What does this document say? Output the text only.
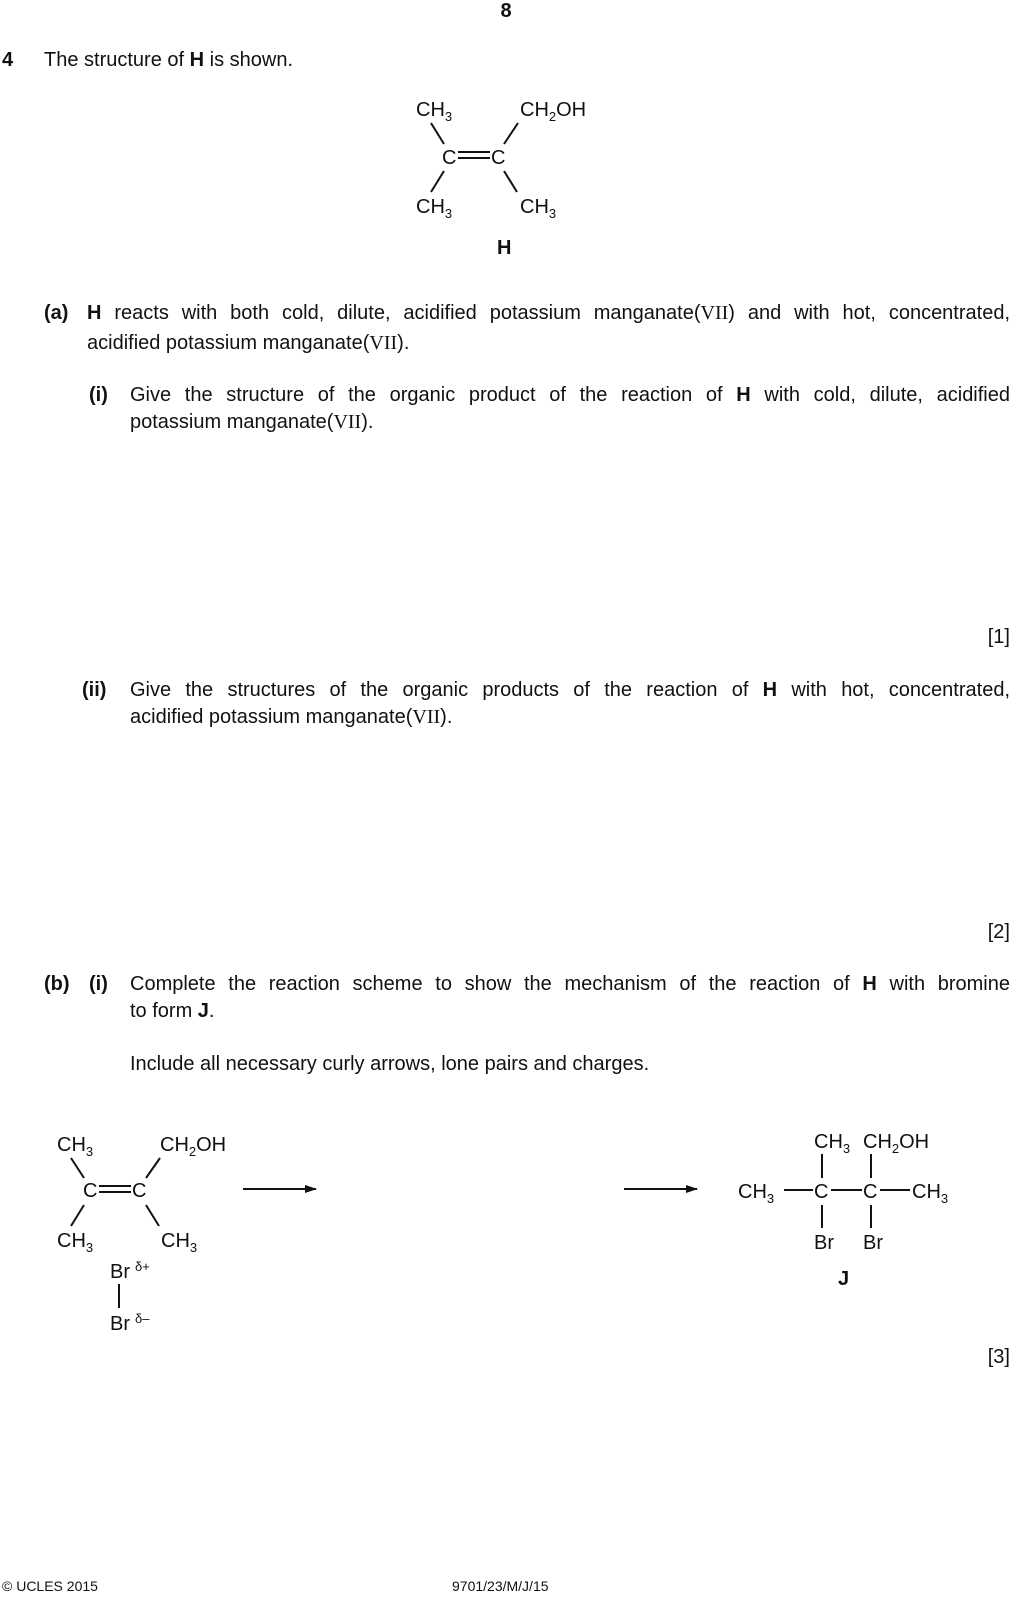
8
4 The structure of H is shown.
$CH_3$	$CH_2OH$
C C
$CH_3$	$CH_3$
H
(a) H reacts with both cold, dilute, acidified potassium manganate(VII) and with hot, concentrated,
acidified potassium manganate(VII).
(i) Give the structure of the organic product of the reaction of H with cold, dilute, acidified
potassium manganate(VII).
[1]
(ii) Give the structures of the organic products of the reaction of H with hot, concentrated,
acidified potassium manganate(VII).
[2]
(b) (i) Complete the reaction scheme to show the mechanism of the reaction of H with bromine
to form J.
Include all necessary curly arrows, lone pairs and charges.
$CH_3$	$CH_2OH$
C C
$CH_3$	$CH_3$
Br δ+
Br δ–
$CH_3$ $CH_2OH$
$CH_3$ C C $CH_3$
Br Br
J
[3]
© UCLES 2015	9701/23/M/J/15
